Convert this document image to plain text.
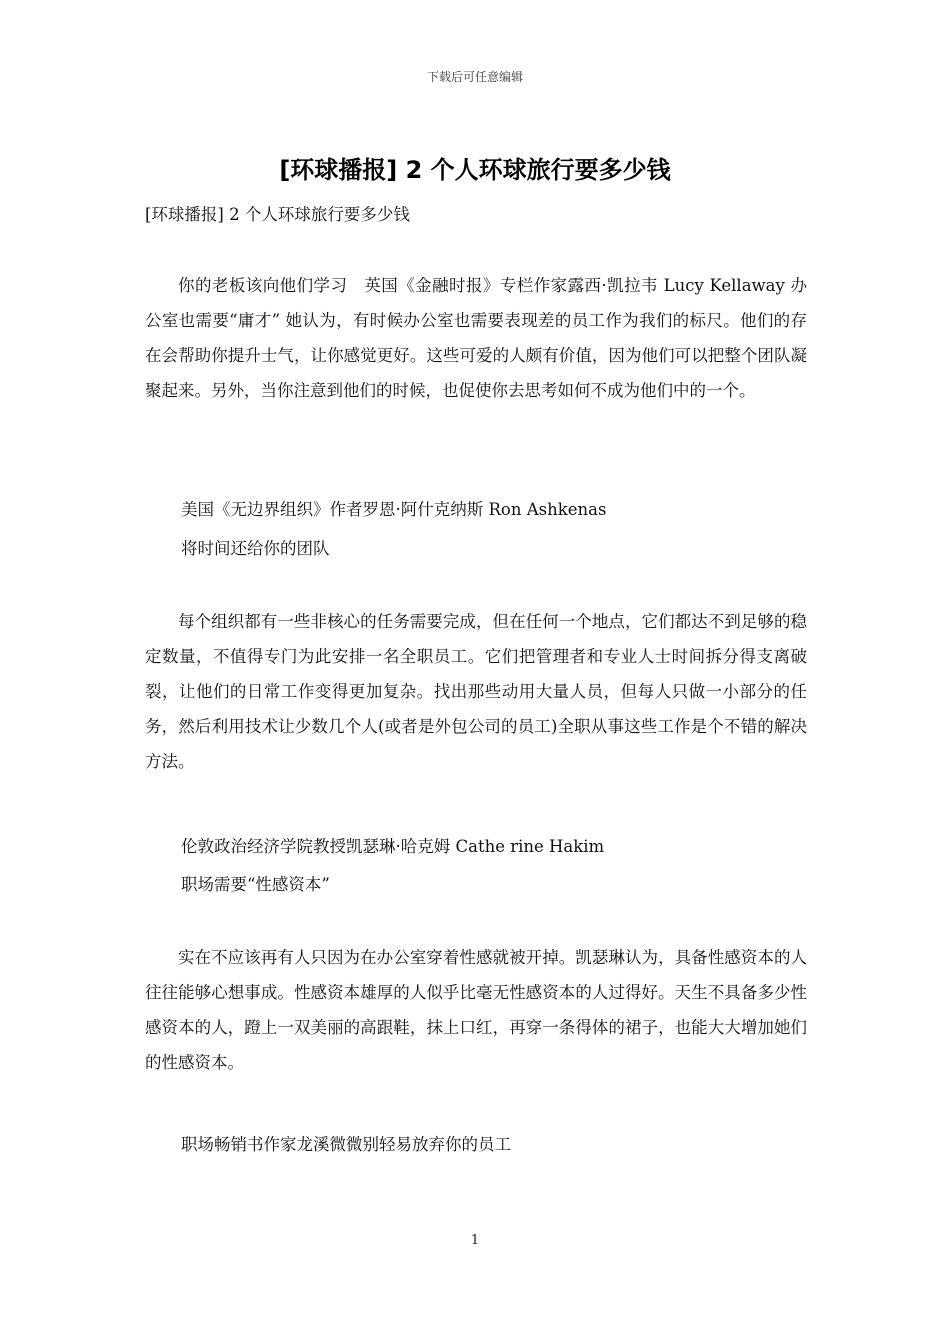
下载后可任意编辑
[环球播报] 2 个人环球旅行要多少钱
[环球播报] 2 个人环球旅行要多少钱

你的老板该向他们学习　英国《金融时报》专栏作家露西·凯拉韦 Lucy Kellaway 办公室也需要“庸才” 她认为，有时候办公室也需要表现差的员工作为我们的标尺。他们的存在会帮助你提升士气，让你感觉更好。这些可爱的人颇有价值，因为他们可以把整个团队凝聚起来。另外，当你注意到他们的时候，也促使你去思考如何不成为他们中的一个。

美国《无边界组织》作者罗恩·阿什克纳斯 Ron Ashkenas
将时间还给你的团队

每个组织都有一些非核心的任务需要完成，但在任何一个地点，它们都达不到足够的稳定数量，不值得专门为此安排一名全职员工。它们把管理者和专业人士时间拆分得支离破裂，让他们的日常工作变得更加复杂。找出那些动用大量人员，但每人只做一小部分的任务，然后利用技术让少数几个人(或者是外包公司的员工)全职从事这些工作是个不错的解决方法。

伦敦政治经济学院教授凯瑟琳·哈克姆 Cathe rine Hakim
职场需要“性感资本”

实在不应该再有人只因为在办公室穿着性感就被开掉。凯瑟琳认为，具备性感资本的人往往能够心想事成。性感资本雄厚的人似乎比毫无性感资本的人过得好。天生不具备多少性感资本的人，蹬上一双美丽的高跟鞋，抹上口红，再穿一条得体的裙子，也能大大增加她们的性感资本。

职场畅销书作家龙溪微微别轻易放弃你的员工
1
